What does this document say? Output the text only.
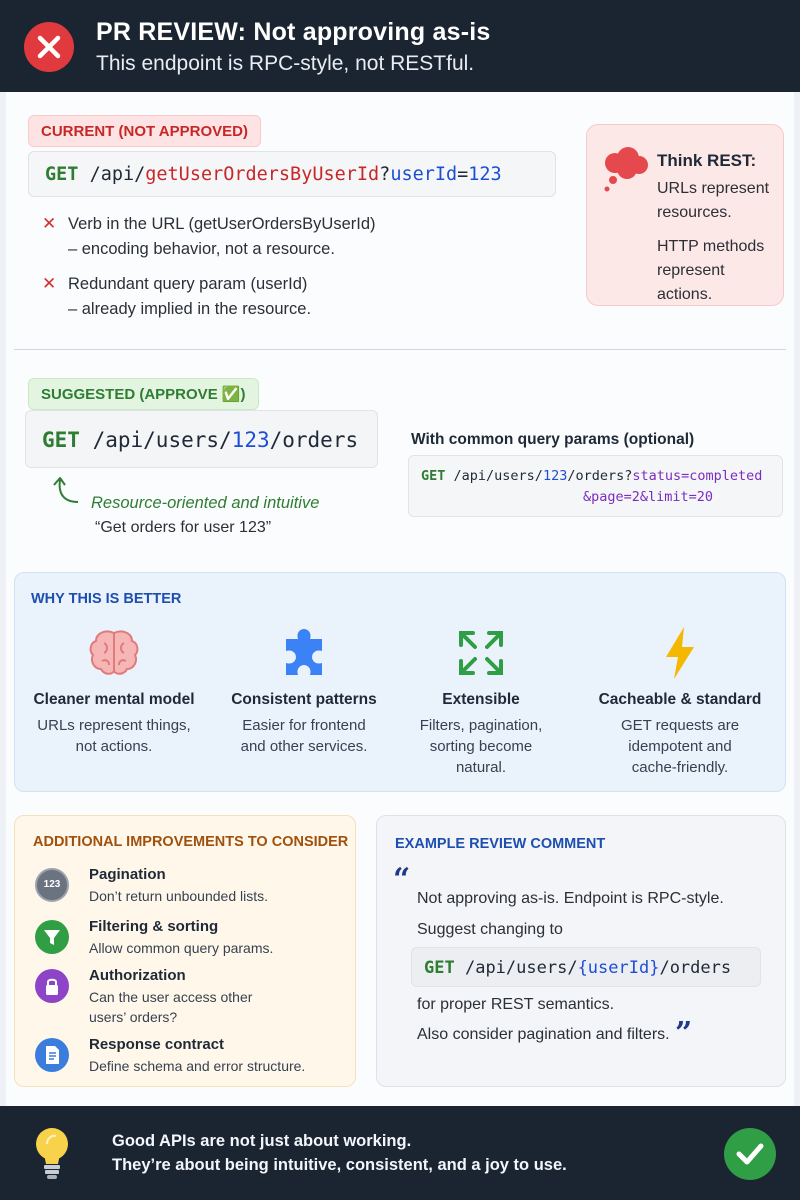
PR REVIEW: Not approving as-is
This endpoint is RPC-style, not RESTful.
CURRENT (NOT APPROVED)
GET /api/getUserOrdersByUserId?userId=123
✕ Verb in the URL (getUserOrdersByUserId)
– encoding behavior, not a resource.
✕ Redundant query param (userId)
– already implied in the resource.
Think REST:
URLs represent
resources.
HTTP methods
represent actions.
SUGGESTED (APPROVE ✅)
GET /api/users/123/orders
Resource-oriented and intuitive
“Get orders for user 123”
With common query params (optional)
GET /api/users/123/orders?status=completed
&page=2&limit=20
WHY THIS IS BETTER
Cleaner mental model
URLs represent things,
not actions.
Consistent patterns
Easier for frontend
and other services.
Extensible
Filters, pagination,
sorting become
natural.
Cacheable & standard
GET requests are
idempotent and
cache-friendly.
ADDITIONAL IMPROVEMENTS TO CONSIDER
123
Pagination
Don’t return unbounded lists.
Filtering & sorting
Allow common query params.
Authorization
Can the user access other
users’ orders?
Response contract
Define schema and error structure.
EXAMPLE REVIEW COMMENT
“
Not approving as-is. Endpoint is RPC-style.
Suggest changing to
GET /api/users/{userId}/orders
for proper REST semantics.
Also consider pagination and filters. ”
Good APIs are not just about working.
They’re about being intuitive, consistent, and a joy to use.
